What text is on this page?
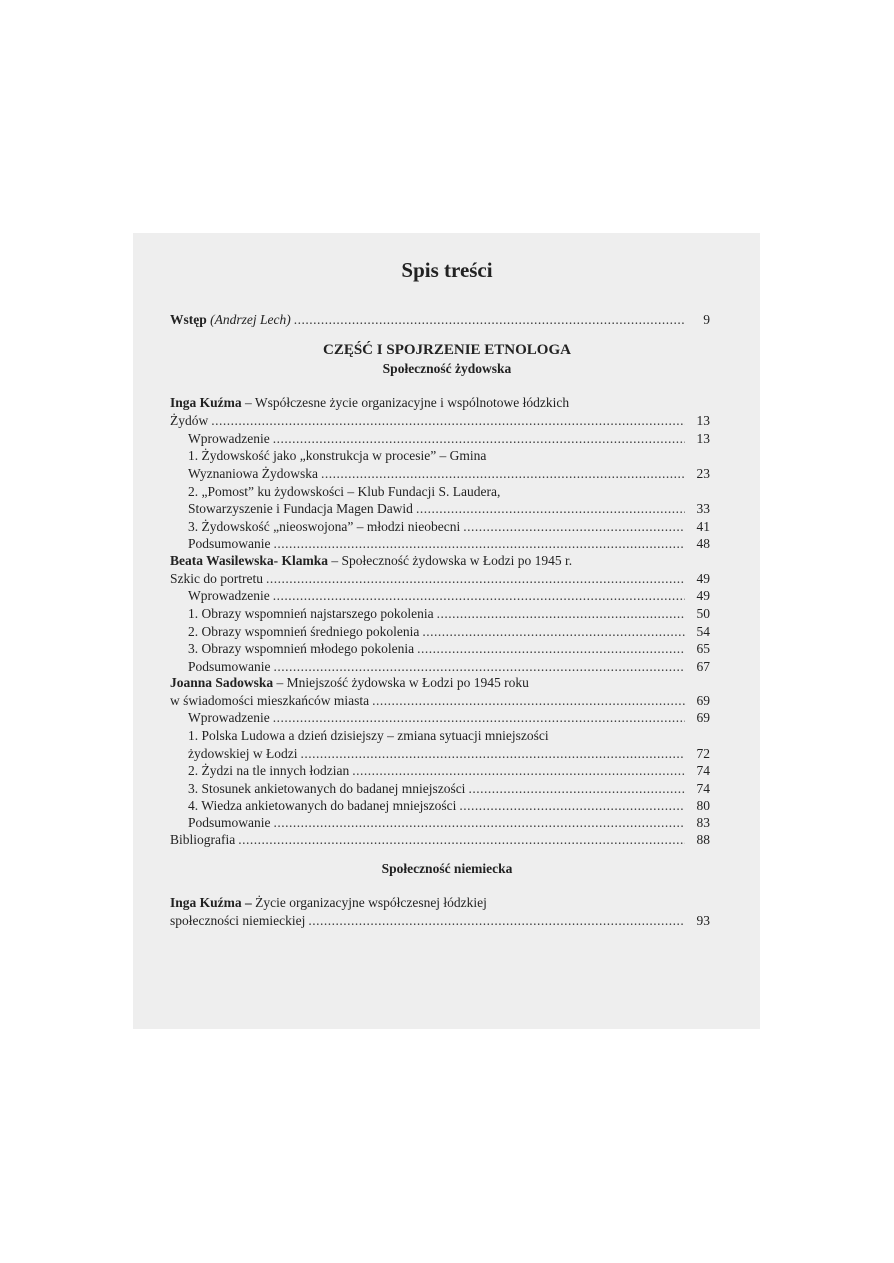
Spis treści
Wstęp (Andrzej Lech) .....	9
CZĘŚĆ I SPOJRZENIE ETNOLOGA
Społeczność żydowska
Inga Kuźma – Współczesne życie organizacyjne i wspólnotowe łódzkich
Żydów .....	13
Wprowadzenie .....	13
1. Żydowskość jako „konstrukcja w procesie” – Gmina
Wyznaniowa Żydowska .....	23
2. „Pomost” ku żydowskości – Klub Fundacji S. Laudera,
Stowarzyszenie i Fundacja Magen Dawid .....	33
3. Żydowskość „nieoswojona” – młodzi nieobecni .....	41
Podsumowanie .....	48
Beata Wasilewska- Klamka – Społeczność żydowska w Łodzi po 1945 r.
Szkic do portretu .....	49
Wprowadzenie .....	49
1. Obrazy wspomnień najstarszego pokolenia .....	50
2. Obrazy wspomnień średniego pokolenia .....	54
3. Obrazy wspomnień młodego pokolenia .....	65
Podsumowanie .....	67
Joanna Sadowska – Mniejszość żydowska w Łodzi po 1945 roku
w świadomości mieszkańców miasta .....	69
Wprowadzenie .....	69
1. Polska Ludowa a dzień dzisiejszy – zmiana sytuacji mniejszości
żydowskiej w Łodzi .....	72
2. Żydzi na tle innych łodzian .....	74
3. Stosunek ankietowanych do badanej mniejszości .....	74
4. Wiedza ankietowanych do badanej mniejszości .....	80
Podsumowanie .....	83
Bibliografia .....	88
Społeczność niemiecka
Inga Kuźma – Życie organizacyjne współczesnej łódzkiej
społeczności niemieckiej .....	93
